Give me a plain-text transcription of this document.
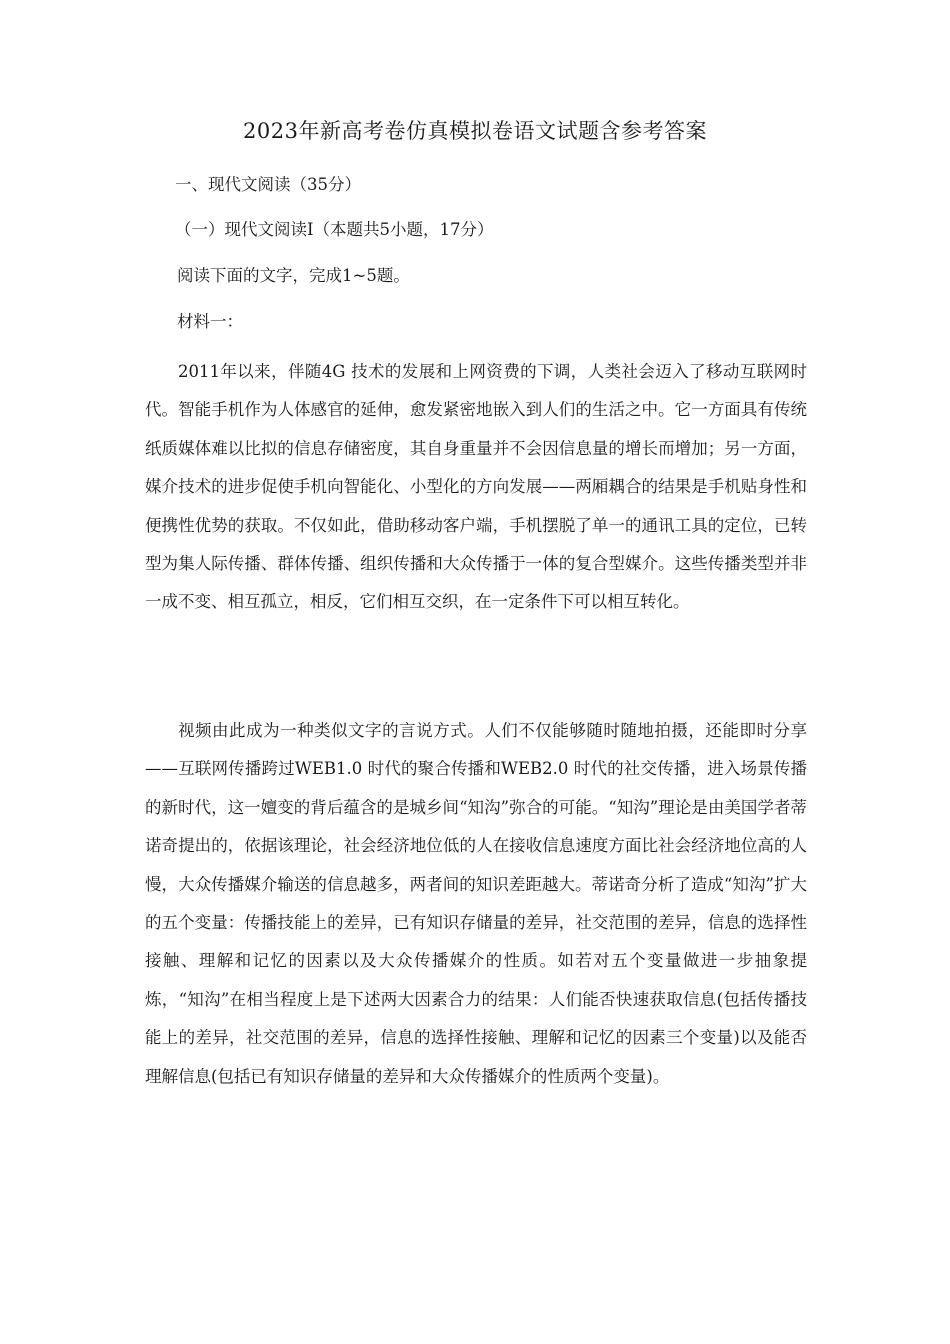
2023年新高考卷仿真模拟卷语文试题含参考答案
一、现代文阅读（35分）
（一）现代文阅读Ⅰ（本题共5小题，17分）
阅读下面的文字，完成1~5题。
材料一：

2011年以来，伴随4G 技术的发展和上网资费的下调，人类社会迈入了移动互联网时代。智能手机作为人体感官的延伸，愈发紧密地嵌入到人们的生活之中。它一方面具有传统纸质媒体难以比拟的信息存储密度，其自身重量并不会因信息量的增长而增加；另一方面，媒介技术的进步促使手机向智能化、小型化的方向发展——两厢耦合的结果是手机贴身性和便携性优势的获取。不仅如此，借助移动客户端，手机摆脱了单一的通讯工具的定位，已转型为集人际传播、群体传播、组织传播和大众传播于一体的复合型媒介。这些传播类型并非一成不变、相互孤立，相反，它们相互交织，在一定条件下可以相互转化。

视频由此成为一种类似文字的言说方式。人们不仅能够随时随地拍摄，还能即时分享——互联网传播跨过WEB1.0 时代的聚合传播和WEB2.0 时代的社交传播，进入场景传播的新时代，这一嬗变的背后蕴含的是城乡间“知沟”弥合的可能。“知沟”理论是由美国学者蒂诺奇提出的，依据该理论，社会经济地位低的人在接收信息速度方面比社会经济地位高的人慢，大众传播媒介输送的信息越多，两者间的知识差距越大。蒂诺奇分析了造成“知沟”扩大的五个变量：传播技能上的差异，已有知识存储量的差异，社交范围的差异，信息的选择性接触、理解和记忆的因素以及大众传播媒介的性质。如若对五个变量做进一步抽象提炼，“知沟”在相当程度上是下述两大因素合力的结果：人们能否快速获取信息(包括传播技能上的差异，社交范围的差异，信息的选择性接触、理解和记忆的因素三个变量)以及能否理解信息(包括已有知识存储量的差异和大众传播媒介的性质两个变量)。
